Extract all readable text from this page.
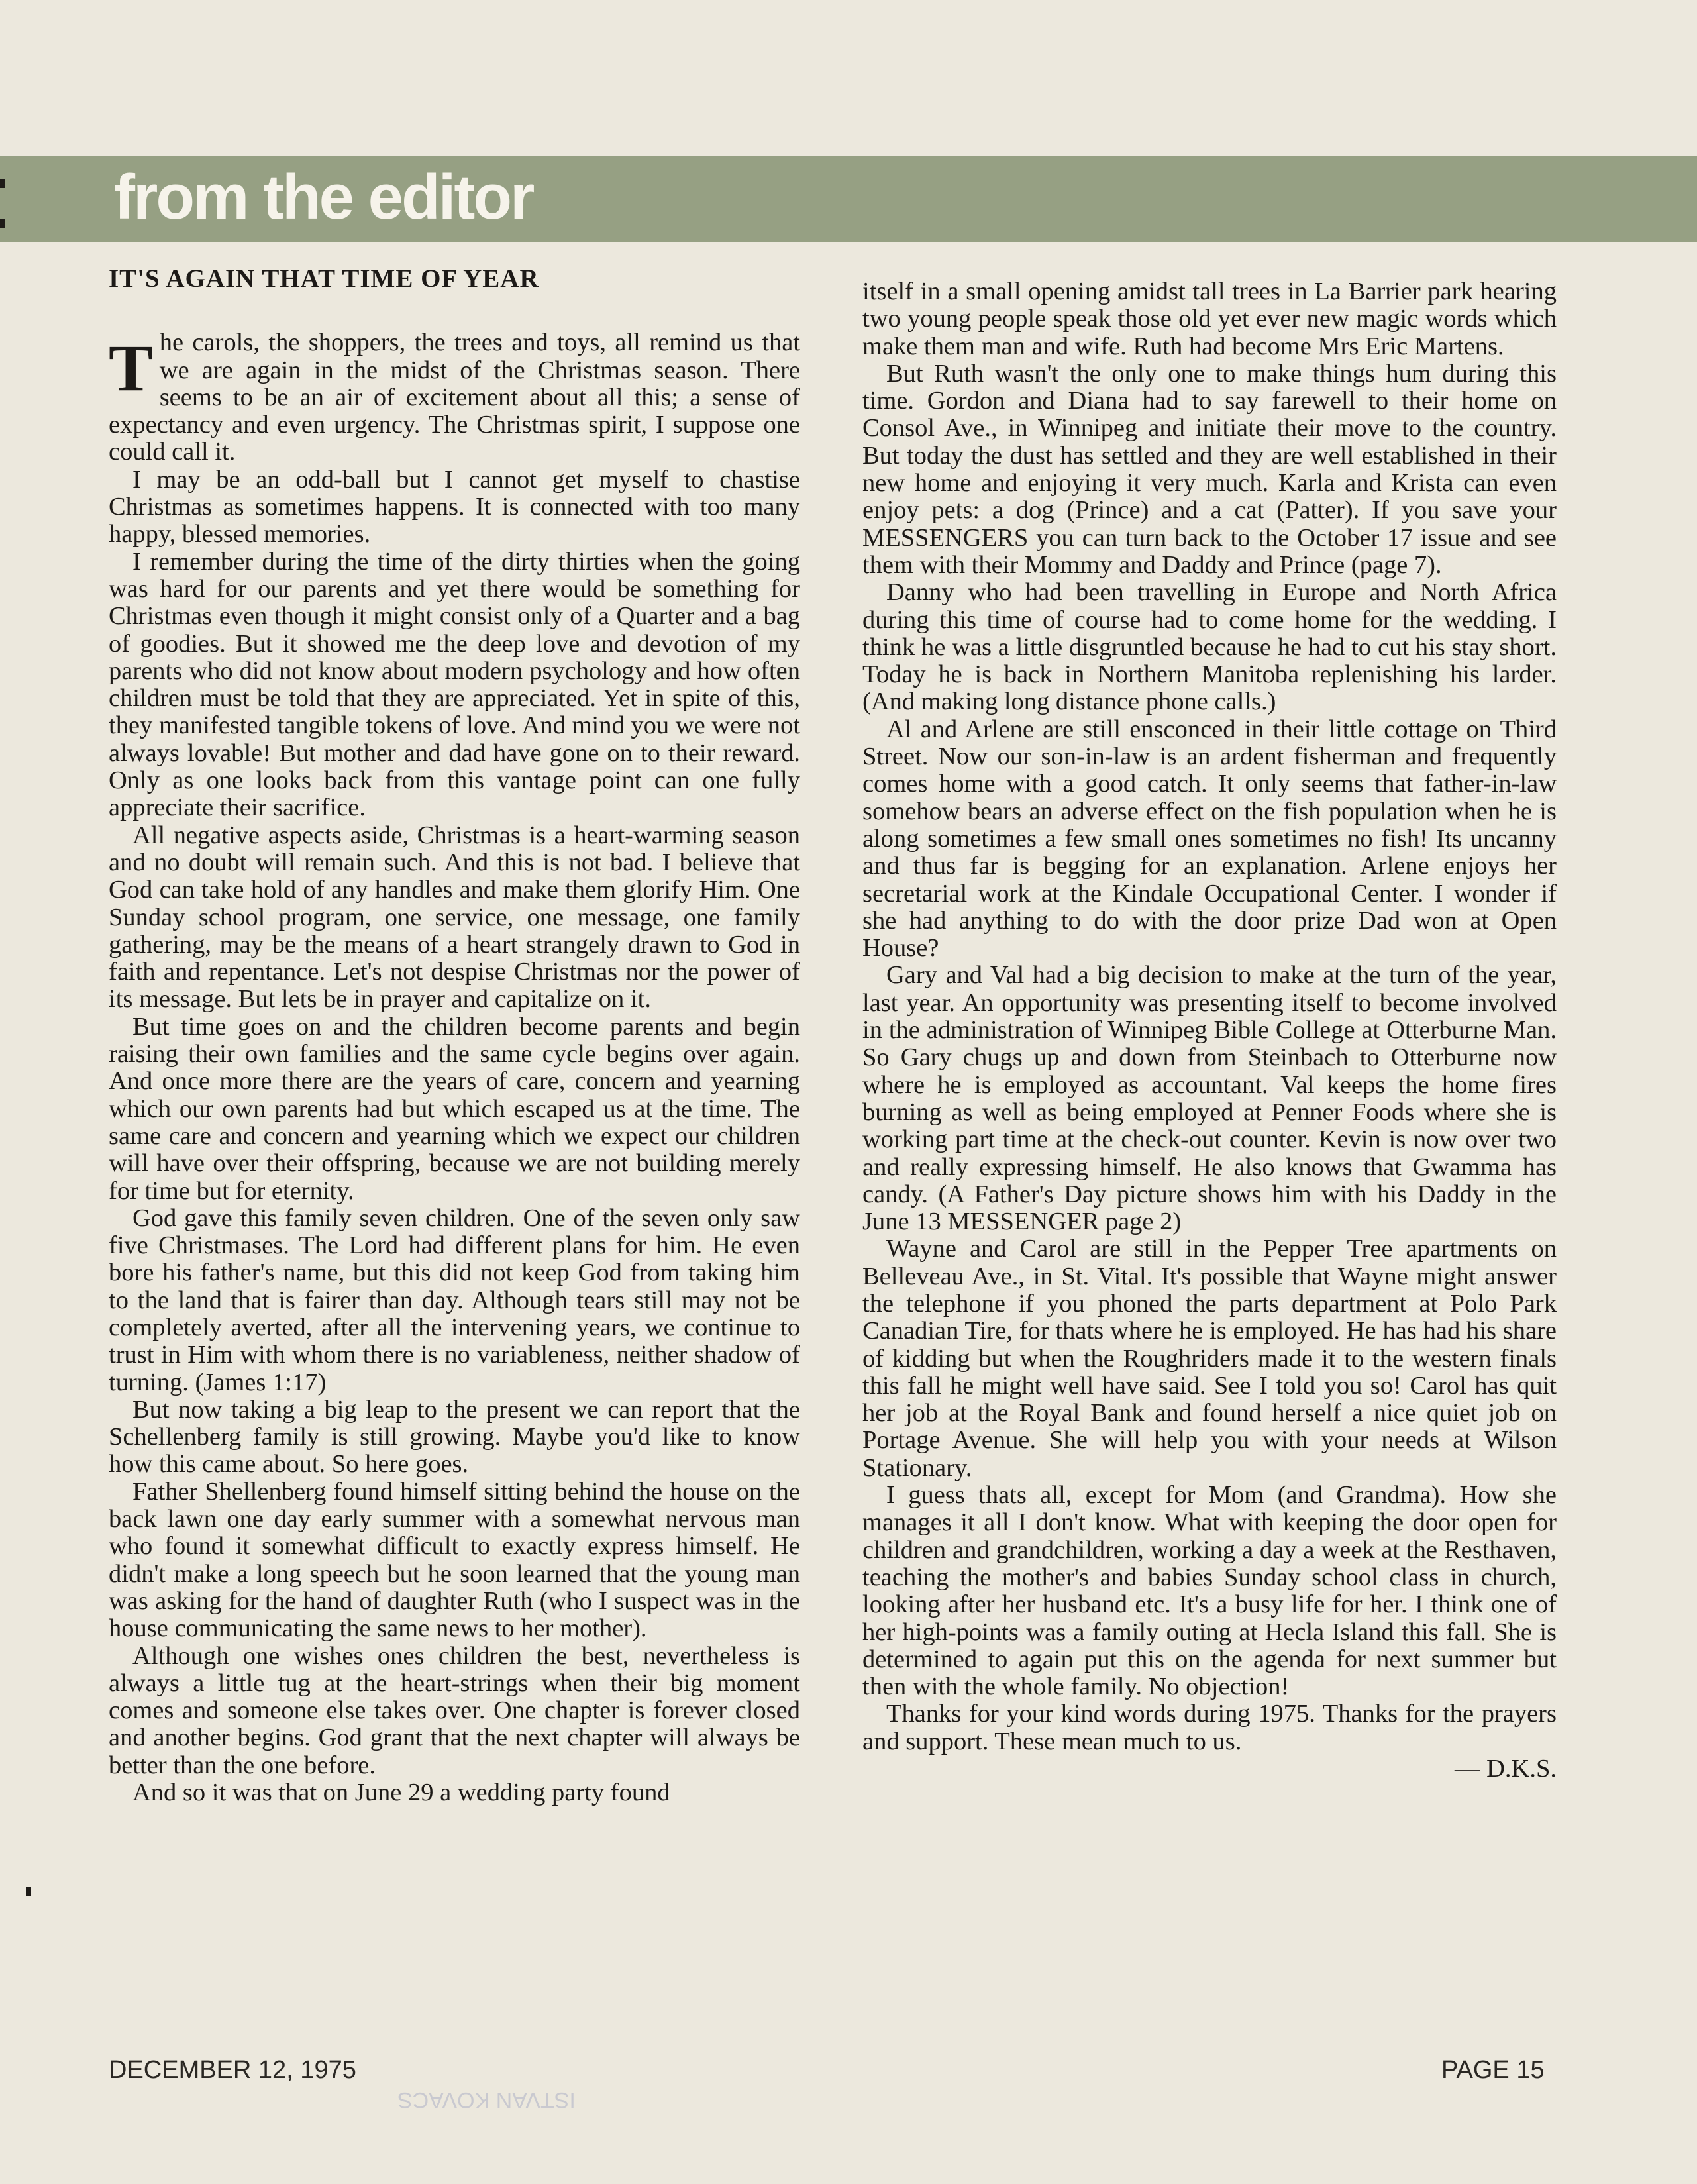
from the editor
IT'S AGAIN THAT TIME OF YEAR

The carols, the shoppers, the trees and toys, all remind us that we are again in the midst of the Christmas season. There seems to be an air of excitement about all this; a sense of expectancy and even urgency. The Christmas spirit, I suppose one could call it.

I may be an odd-ball but I cannot get myself to chastise Christmas as sometimes happens. It is connected with too many happy, blessed memories.

I remember during the time of the dirty thirties when the going was hard for our parents and yet there would be something for Christmas even though it might consist only of a Quarter and a bag of goodies. But it showed me the deep love and devotion of my parents who did not know about modern psychology and how often children must be told that they are appreciated. Yet in spite of this, they manifested tangible tokens of love. And mind you we were not always lovable! But mother and dad have gone on to their reward. Only as one looks back from this vantage point can one fully appreciate their sacrifice.

All negative aspects aside, Christmas is a heart-warming season and no doubt will remain such. And this is not bad. I believe that God can take hold of any handles and make them glorify Him. One Sunday school program, one service, one message, one family gathering, may be the means of a heart strangely drawn to God in faith and repentance. Let's not despise Christmas nor the power of its message. But lets be in prayer and capitalize on it.

But time goes on and the children become parents and begin raising their own families and the same cycle begins over again. And once more there are the years of care, concern and yearning which our own parents had but which escaped us at the time. The same care and concern and yearning which we expect our children will have over their offspring, because we are not building merely for time but for eternity.

God gave this family seven children. One of the seven only saw five Christmases. The Lord had different plans for him. He even bore his father's name, but this did not keep God from taking him to the land that is fairer than day. Although tears still may not be completely averted, after all the intervening years, we continue to trust in Him with whom there is no variableness, neither shadow of turning. (James 1:17)

But now taking a big leap to the present we can report that the Schellenberg family is still growing. Maybe you'd like to know how this came about. So here goes.

Father Shellenberg found himself sitting behind the house on the back lawn one day early summer with a somewhat nervous man who found it somewhat difficult to exactly express himself. He didn't make a long speech but he soon learned that the young man was asking for the hand of daughter Ruth (who I suspect was in the house communicating the same news to her mother).

Although one wishes ones children the best, nevertheless is always a little tug at the heart-strings when their big moment comes and someone else takes over. One chapter is forever closed and another begins. God grant that the next chapter will always be better than the one before.

And so it was that on June 29 a wedding party found

itself in a small opening amidst tall trees in La Barrier park hearing two young people speak those old yet ever new magic words which make them man and wife. Ruth had become Mrs Eric Martens.

But Ruth wasn't the only one to make things hum during this time. Gordon and Diana had to say farewell to their home on Consol Ave., in Winnipeg and initiate their move to the country. But today the dust has settled and they are well established in their new home and enjoying it very much. Karla and Krista can even enjoy pets: a dog (Prince) and a cat (Patter). If you save your MESSENGERS you can turn back to the October 17 issue and see them with their Mommy and Daddy and Prince (page 7).

Danny who had been travelling in Europe and North Africa during this time of course had to come home for the wedding. I think he was a little disgruntled because he had to cut his stay short. Today he is back in Northern Manitoba replenishing his larder. (And making long distance phone calls.)

Al and Arlene are still ensconced in their little cottage on Third Street. Now our son-in-law is an ardent fisherman and frequently comes home with a good catch. It only seems that father-in-law somehow bears an adverse effect on the fish population when he is along sometimes a few small ones sometimes no fish! Its uncanny and thus far is begging for an explanation. Arlene enjoys her secretarial work at the Kindale Occupational Center. I wonder if she had anything to do with the door prize Dad won at Open House?

Gary and Val had a big decision to make at the turn of the year, last year. An opportunity was presenting itself to become involved in the administration of Winnipeg Bible College at Otterburne Man. So Gary chugs up and down from Steinbach to Otterburne now where he is employed as accountant. Val keeps the home fires burning as well as being employed at Penner Foods where she is working part time at the check-out counter. Kevin is now over two and really expressing himself. He also knows that Gwamma has candy. (A Father's Day picture shows him with his Daddy in the June 13 MESSENGER page 2)

Wayne and Carol are still in the Pepper Tree apartments on Belleveau Ave., in St. Vital. It's possible that Wayne might answer the telephone if you phoned the parts department at Polo Park Canadian Tire, for thats where he is employed. He has had his share of kidding but when the Roughriders made it to the western finals this fall he might well have said. See I told you so! Carol has quit her job at the Royal Bank and found herself a nice quiet job on Portage Avenue. She will help you with your needs at Wilson Stationary.

I guess thats all, except for Mom (and Grandma). How she manages it all I don't know. What with keeping the door open for children and grandchildren, working a day a week at the Resthaven, teaching the mother's and babies Sunday school class in church, looking after her husband etc. It's a busy life for her. I think one of her high-points was a family outing at Hecla Island this fall. She is determined to again put this on the agenda for next summer but then with the whole family. No objection!

Thanks for your kind words during 1975. Thanks for the prayers and support. These mean much to us.

— D.K.S.

DECEMBER 12, 1975	PAGE 15
ISTVAN KOVACS
